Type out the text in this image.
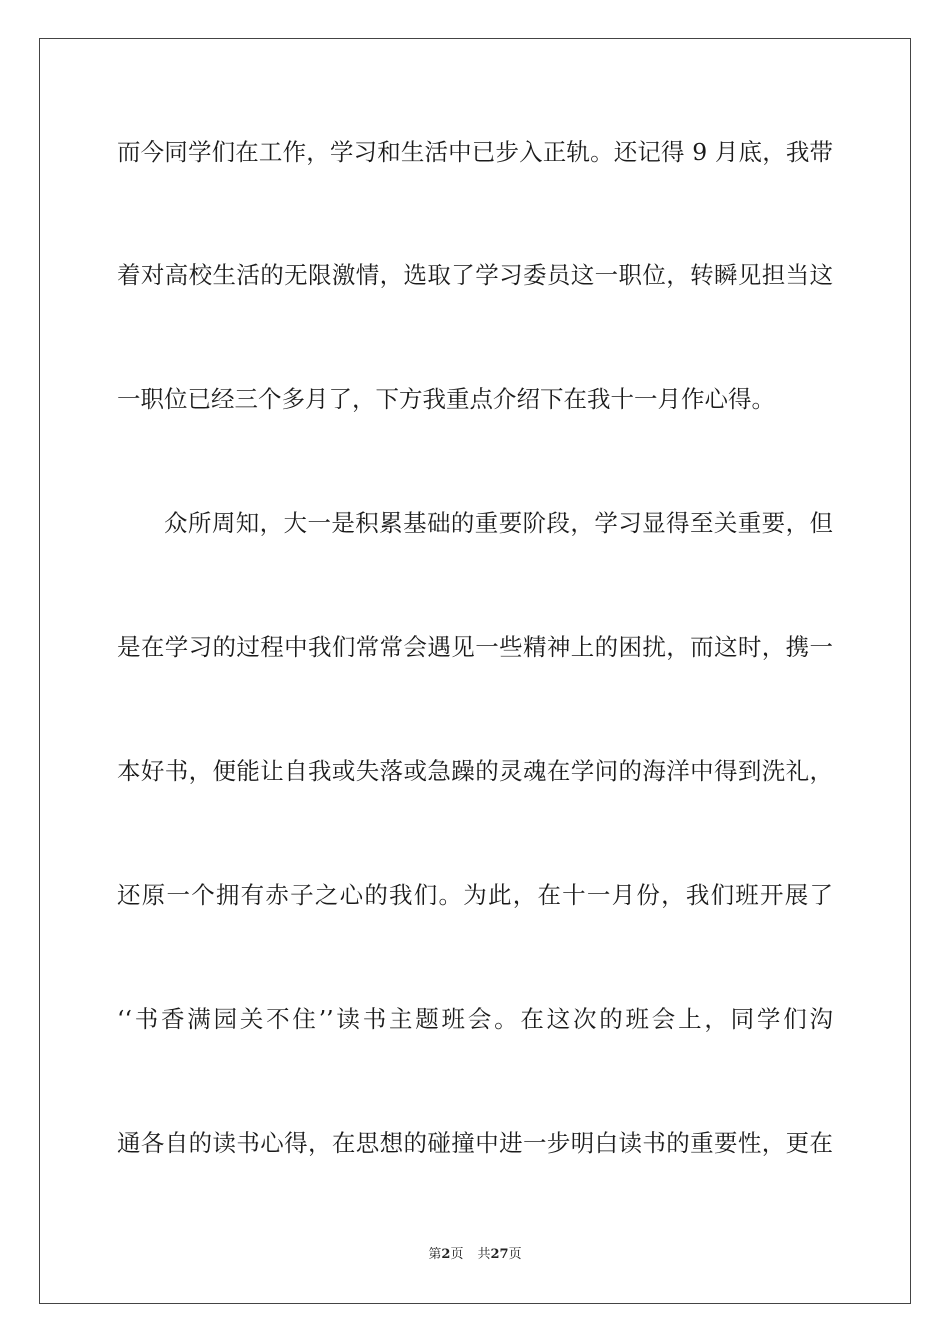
而今同学们在工作，学习和生活中已步入正轨。还记得 9 月底，我带
着对高校生活的无限激情，选取了学习委员这一职位，转瞬见担当这
一职位已经三个多月了，下方我重点介绍下在我十一月作心得。
众所周知，大一是积累基础的重要阶段，学习显得至关重要，但
是在学习的过程中我们常常会遇见一些精神上的困扰，而这时，携一
本好书，便能让自我或失落或急躁的灵魂在学问的海洋中得到洗礼，
还原一个拥有赤子之心的我们。为此，在十一月份，我们班开展了
‘‘书香满园关不住’’读书主题班会。在这次的班会上，同学们沟
通各自的读书心得，在思想的碰撞中进一步明白读书的重要性，更在
第2页 共27页
